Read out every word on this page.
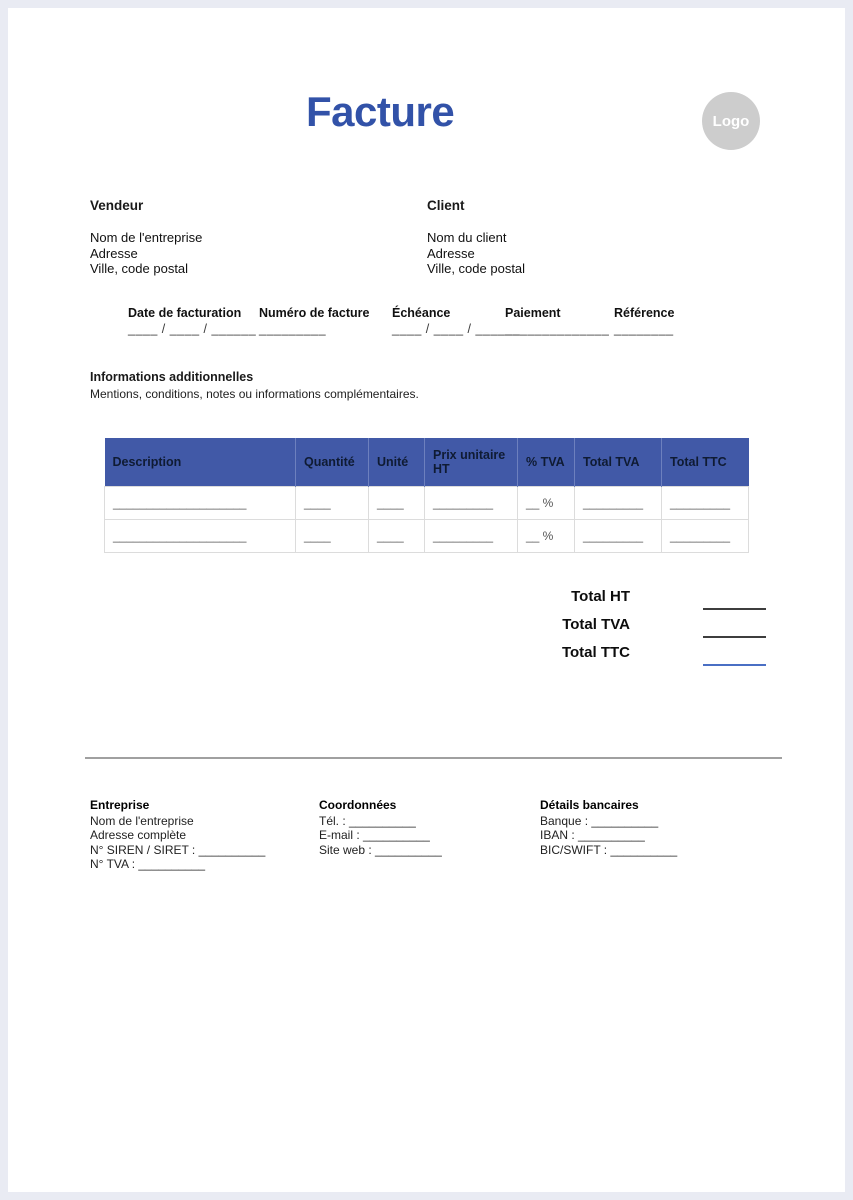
Facture	Logo
Vendeur
Nom de l'entreprise
Adresse
Ville, code postal
Client
Nom du client
Adresse
Ville, code postal
Date de facturation
____ / ____ / ______
Numéro de facture
_________
Échéance
____ / ____ / ______
Paiement
______________
Référence
________
Informations additionnelles
Mentions, conditions, notes ou informations complémentaires.
Description	Quantité	Unité	Prix unitaire HT	% TVA	Total TVA	Total TTC
____________________	____	____	_________	__ %	_________	_________
____________________	____	____	_________	__ %	_________	_________
Total HT
Total TVA
Total TTC
Entreprise
Nom de l'entreprise
Adresse complète
N° SIREN / SIRET : __________
N° TVA : __________
Coordonnées
Tél. : __________
E-mail : __________
Site web : __________
Détails bancaires
Banque : __________
IBAN : __________
BIC/SWIFT : __________
